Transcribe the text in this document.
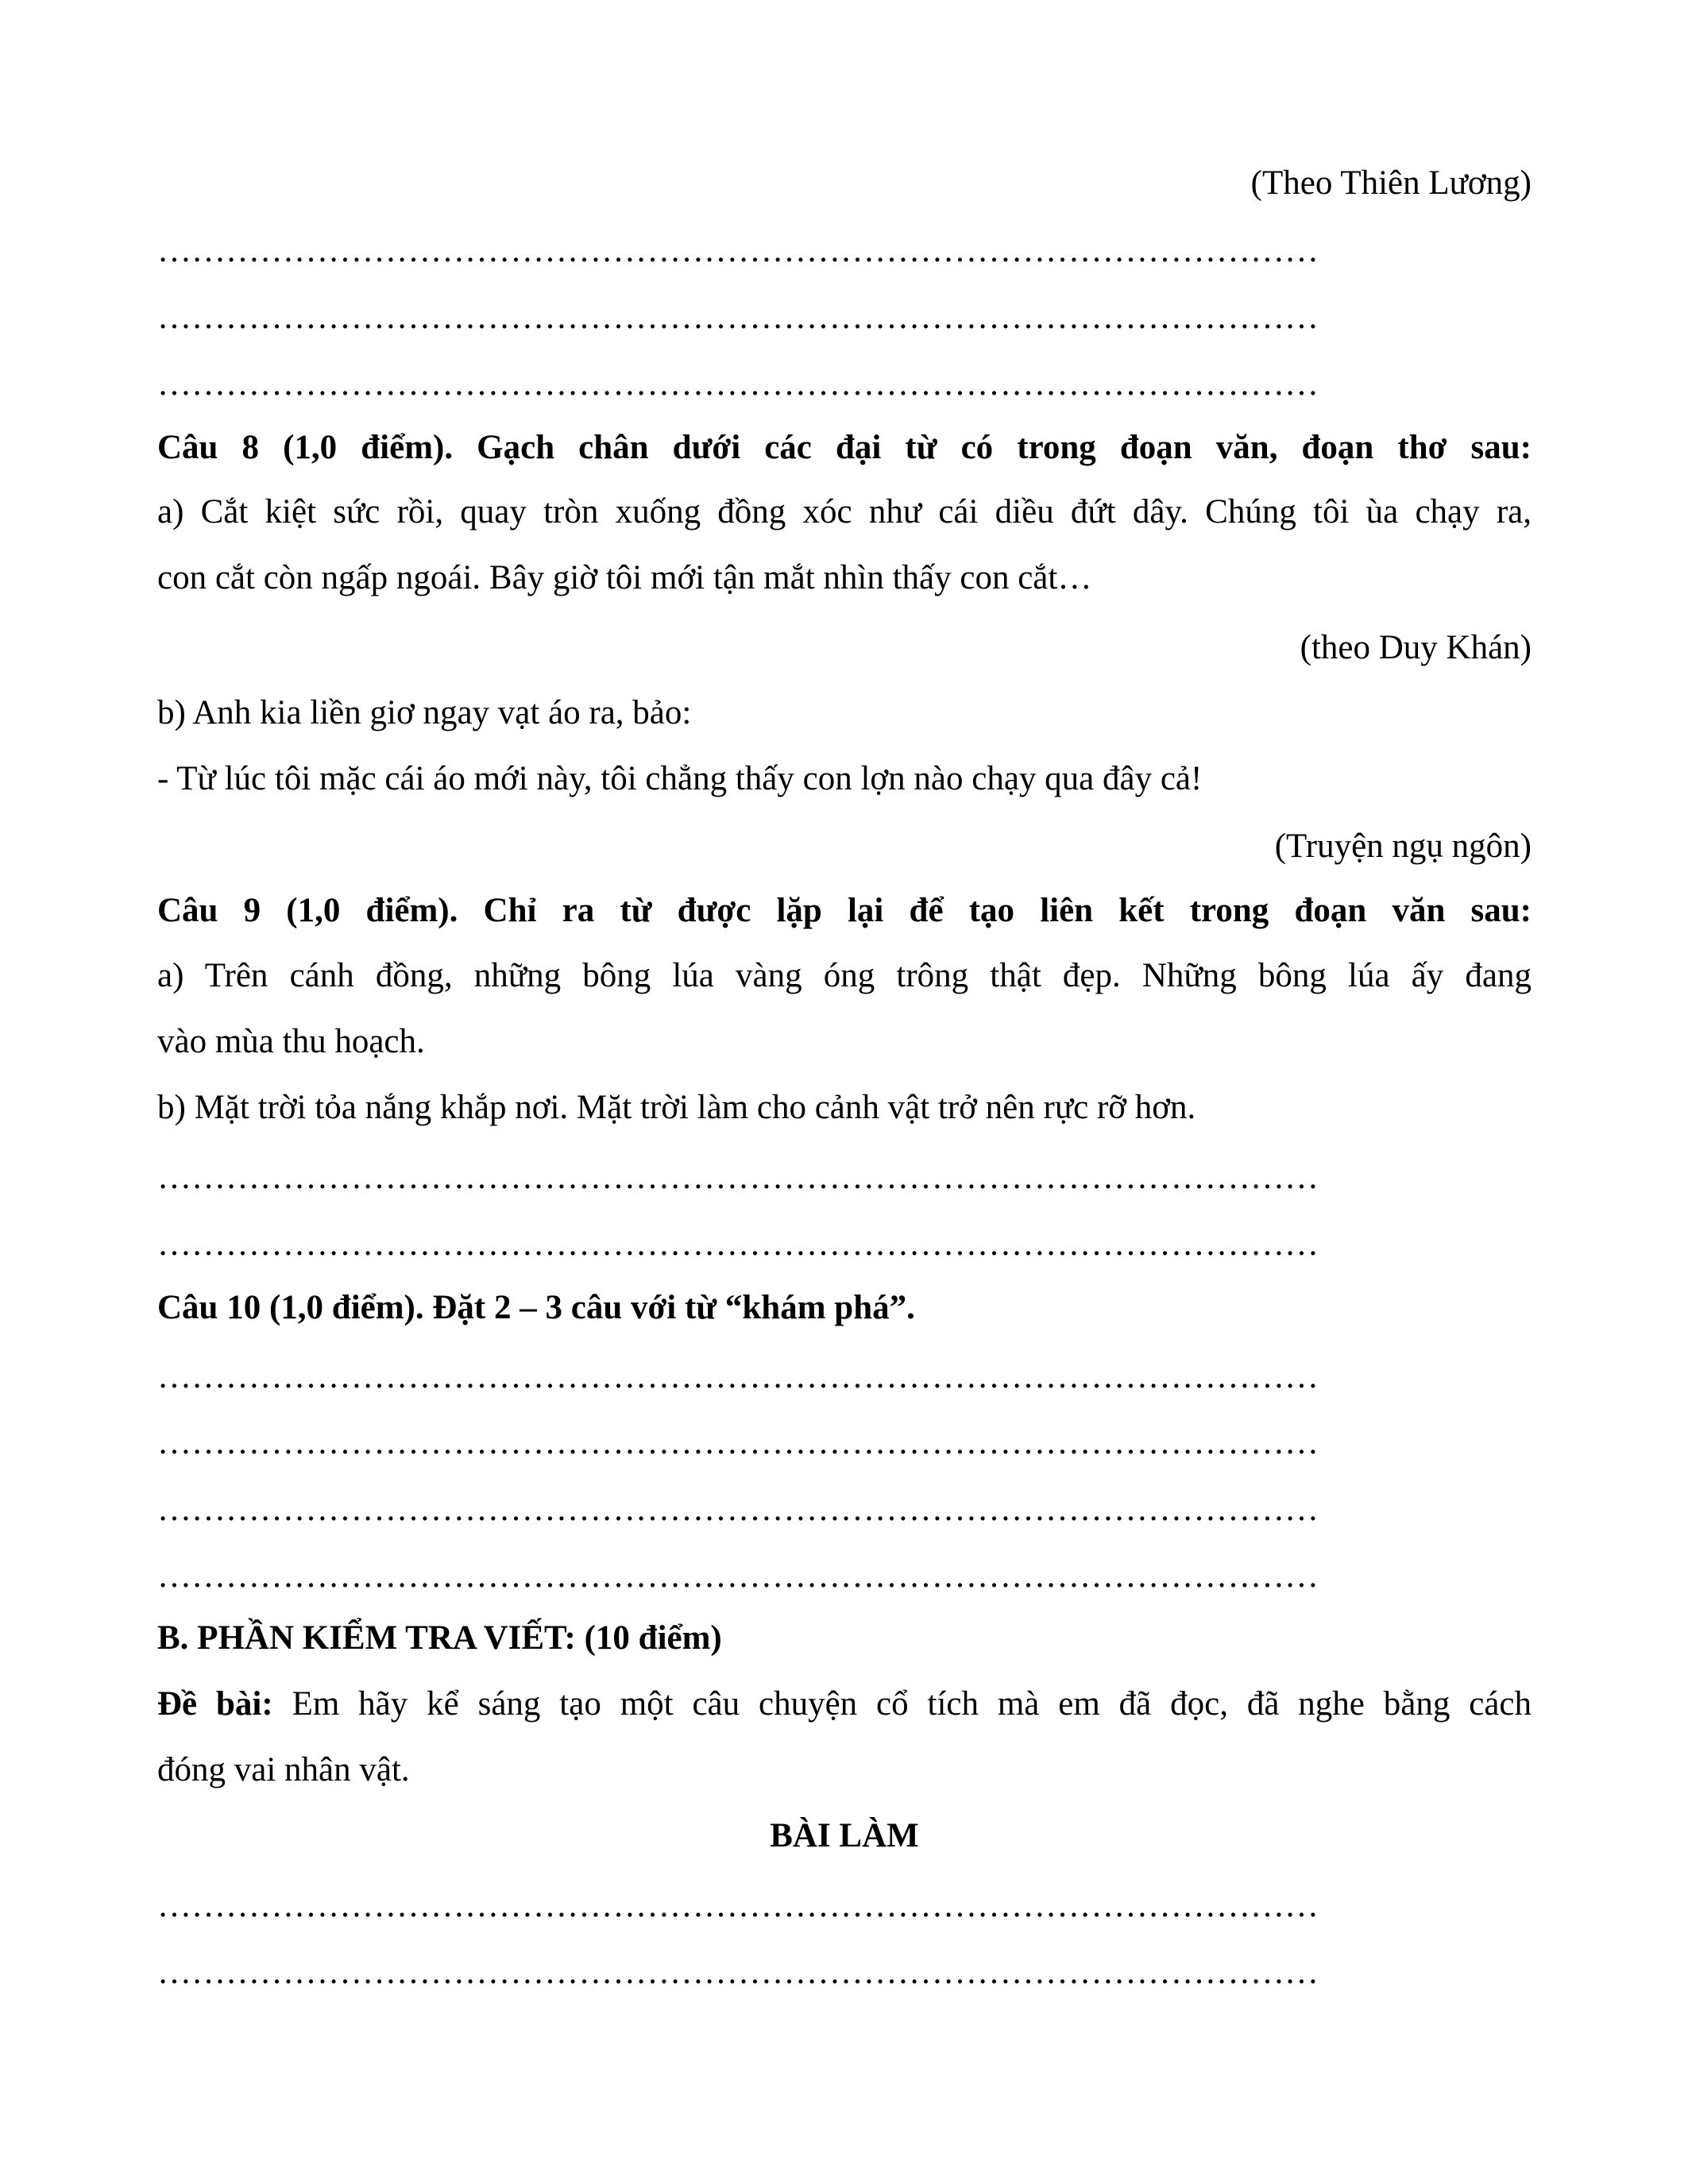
(Theo Thiên Lương)
…………………………………………………………………………………………
…………………………………………………………………………………………
…………………………………………………………………………………………
Câu 8 (1,0 điểm). Gạch chân dưới các đại từ có trong đoạn văn, đoạn thơ sau:
a) Cắt kiệt sức rồi, quay tròn xuống đồng xóc như cái diều đứt dây. Chúng tôi ùa chạy ra,
con cắt còn ngấp ngoái. Bây giờ tôi mới tận mắt nhìn thấy con cắt…
(theo Duy Khán)
b) Anh kia liền giơ ngay vạt áo ra, bảo:
- Từ lúc tôi mặc cái áo mới này, tôi chẳng thấy con lợn nào chạy qua đây cả!
(Truyện ngụ ngôn)
Câu 9 (1,0 điểm). Chỉ ra từ được lặp lại để tạo liên kết trong đoạn văn sau:
a) Trên cánh đồng, những bông lúa vàng óng trông thật đẹp. Những bông lúa ấy đang
vào mùa thu hoạch.
b) Mặt trời tỏa nắng khắp nơi. Mặt trời làm cho cảnh vật trở nên rực rỡ hơn.
…………………………………………………………………………………………
…………………………………………………………………………………………
Câu 10 (1,0 điểm). Đặt 2 – 3 câu với từ “khám phá”.
…………………………………………………………………………………………
…………………………………………………………………………………………
…………………………………………………………………………………………
…………………………………………………………………………………………
B. PHẦN KIỂM TRA VIẾT: (10 điểm)
Đề bài: Em hãy kể sáng tạo một câu chuyện cổ tích mà em đã đọc, đã nghe bằng cách
đóng vai nhân vật.
BÀI LÀM
…………………………………………………………………………………………
…………………………………………………………………………………………
